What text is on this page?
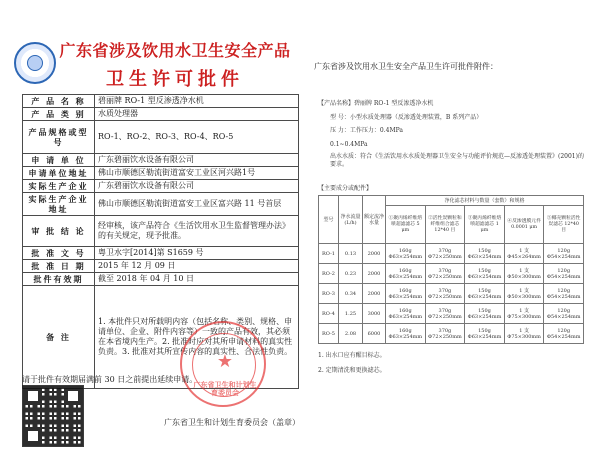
广东省涉及饮用水卫生安全产品
卫生许可批件
产 品 名 称	碧丽牌 RO-1 型反渗透净水机
产 品 类 别	水质处理器
产品规格或型号	RO-1、RO-2、RO-3、RO-4、RO-5
申 请 单 位	广东碧丽饮水设备有限公司
申请单位地址	佛山市顺德区勒流街道富安工业区河兴路1号
实际生产企业	广东碧丽饮水设备有限公司
实际生产企业地址	佛山市顺德区勒流街道富安工业区富兴路 11 号首层
审 批 结 论	经审核，该产品符合《生活饮用水卫生监督管理办法》的有关规定，现予批准。
批 准 文 号	粤卫水字[2014]第 S1659 号
批 准 日 期	2015 年 12 月 09 日
批件有效期	截至 2018 年 04 月 10 日
备 注	1. 本批件只对所载明内容（包括名称、类别、规格、申请单位、企业、附件内容等）一致的产品有效，其必须在本省境内生产。2. 批准时应对其所申请材料的真实性负责。3. 批准对其所宣传内容的真实性、合法性负责。
★
广东省卫生和计划生育委员会
请于批件有效期届满前 30 日之前提出延续申请。
广东省卫生和计划生育委员会（盖章）
广东省涉及饮用水卫生安全产品卫生许可批件附件：
【产品名称】碧丽牌 RO-1 型反渗透净水机
型 号：小型水质处理器（反渗透处理装置，B 系列产品）
压 力：工作压力：0.4MPa
0.1~0.4MPa
出水水质：符合《生活饮用水水质处理器卫生安全与功能评价规范—反渗透处理装置》(2001)的要求。
【主要成分或配件】
型号	净水流量(L/h)	额定流净水量	净化滤芯材料与数量（套数）和规格				
			①聚丙烯纤维熔喷超滤滤芯 5 μm	②活性炭颗粒和纤维组合滤芯 12*40 目	③聚丙烯纤维熔喷超滤滤芯 1 μm	④反渗透膜元件 0.0001 μm	⑤椰壳颗粒活性炭滤芯 12*40 目
RO-1	0.13	2000	160g Φ63×254mm	370g Φ72×250mm	150g Φ63×254mm	1 支 Φ45×264mm	120g Φ54×254mm
RO-2	0.23	2000	160g Φ63×254mm	370g Φ72×250mm	150g Φ63×254mm	1 支 Φ50×300mm	120g Φ54×254mm
RO-3	0.34	2000	160g Φ63×254mm	370g Φ72×250mm	150g Φ63×254mm	1 支 Φ50×300mm	120g Φ54×254mm
RO-4	1.25	3000	160g Φ63×254mm	370g Φ72×250mm	150g Φ63×254mm	1 支 Φ75×300mm	120g Φ54×254mm
RO-5	2.08	6000	160g Φ63×254mm	370g Φ72×250mm	150g Φ63×254mm	1 支 Φ75×300mm	120g Φ54×254mm
1. 出水口应有醒目标志。
2. 定期清洗和更换滤芯。
